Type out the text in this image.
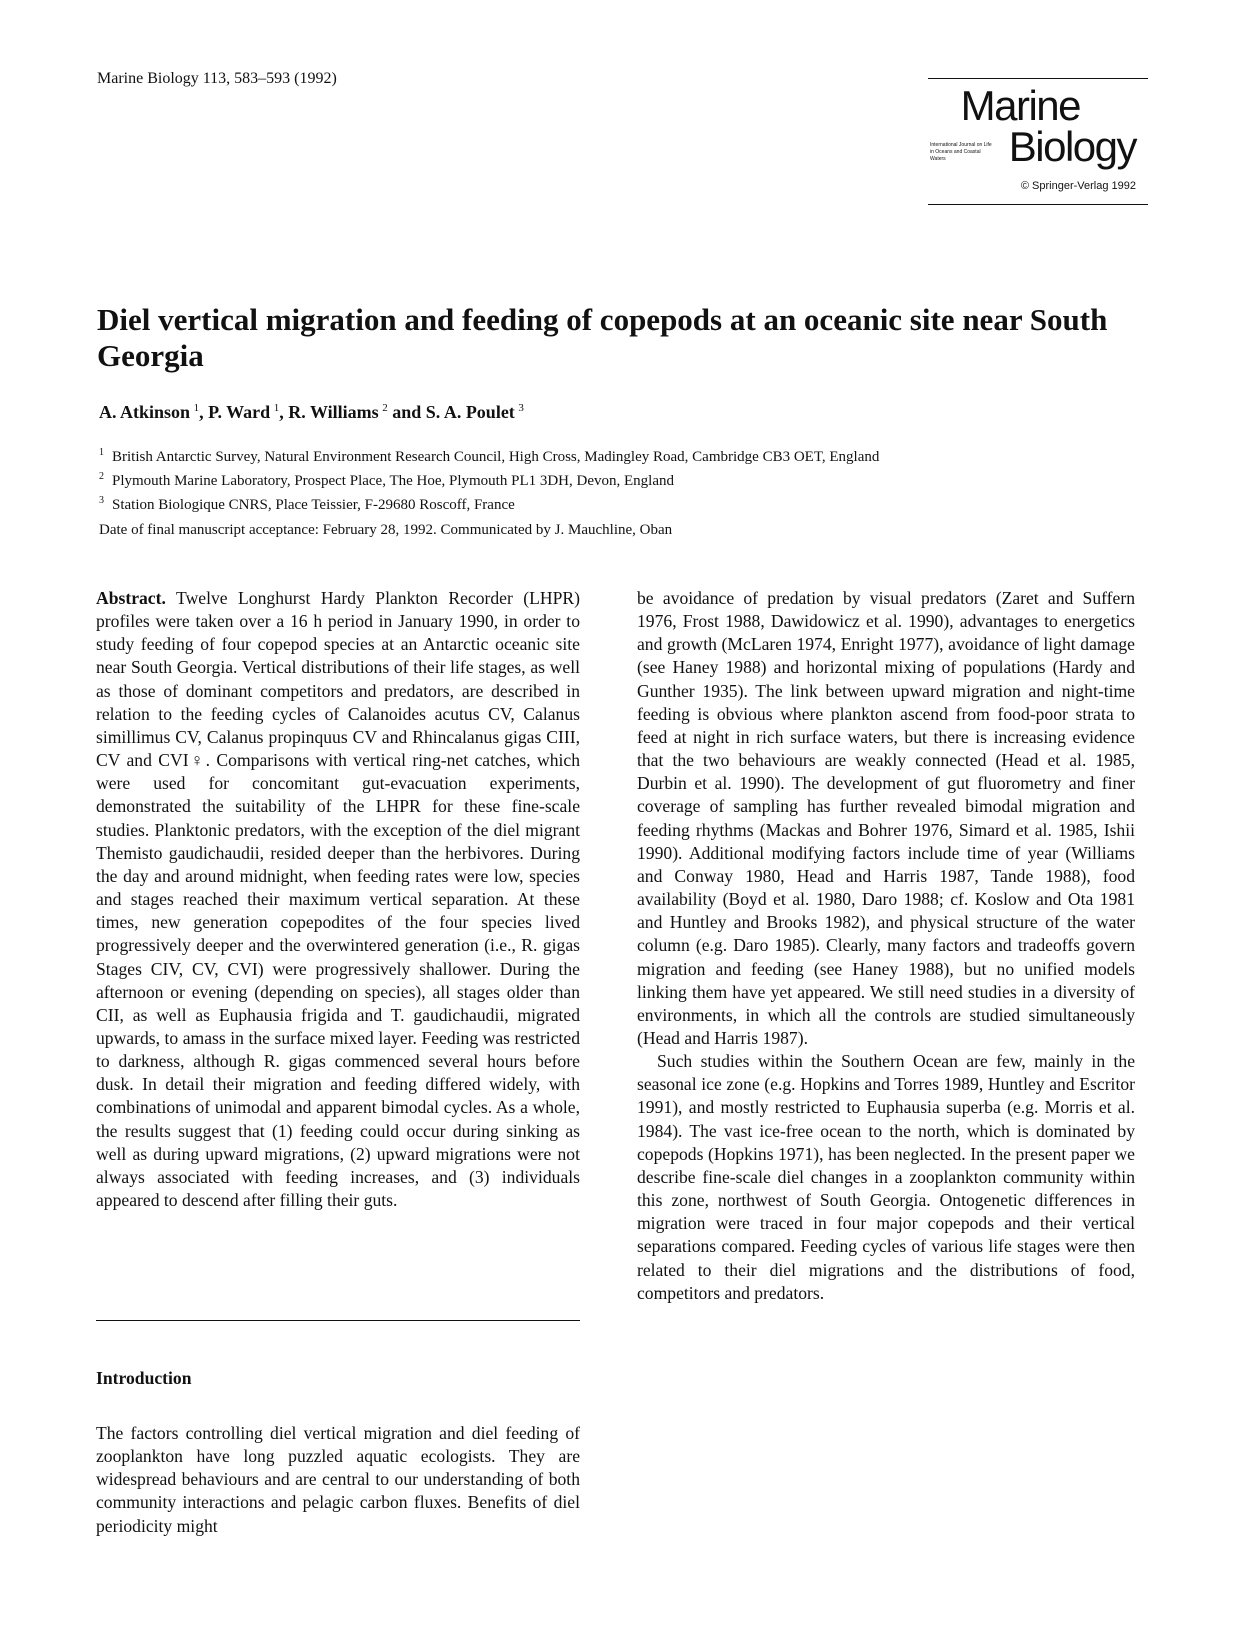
Marine Biology 113, 583–593 (1992)
Marine
International Journal on Life in Oceans and Coastal Waters	Biology
© Springer-Verlag 1992
Diel vertical migration and feeding of copepods at an oceanic site near South Georgia
A. Atkinson  $^1$, P. Ward  $^1$, R. Williams  $^2$ and S. A. Poulet  $^3$
$^1$ British Antarctic Survey, Natural Environment Research Council, High Cross, Madingley Road, Cambridge CB3 OET, England
$^2$ Plymouth Marine Laboratory, Prospect Place, The Hoe, Plymouth PL1 3DH, Devon, England
$^3$ Station Biologique CNRS, Place Teissier, F-29680 Roscoff, France
Date of final manuscript acceptance: February 28, 1992. Communicated by J. Mauchline, Oban

Abstract. Twelve Longhurst Hardy Plankton Recorder (LHPR) profiles were taken over a 16 h period in January 1990, in order to study feeding of four copepod species at an Antarctic oceanic site near South Georgia. Vertical distributions of their life stages, as well as those of dominant competitors and predators, are described in relation to the feeding cycles of Calanoides acutus CV, Calanus simillimus CV, Calanus propinquus CV and Rhincalanus gigas CIII, CV and CVI♀. Comparisons with vertical ring-net catches, which were used for concomitant gut-evacuation experiments, demonstrated the suitability of the LHPR for these fine-scale studies. Planktonic predators, with the exception of the diel migrant Themisto gaudichaudii, resided deeper than the herbivores. During the day and around midnight, when feeding rates were low, species and stages reached their maximum vertical separation. At these times, new generation copepodites of the four species lived progressively deeper and the overwintered generation (i.e., R. gigas Stages CIV, CV, CVI) were progressively shallower. During the afternoon or evening (depending on species), all stages older than CII, as well as Euphausia frigida and T. gaudichaudii, migrated upwards, to amass in the surface mixed layer. Feeding was restricted to darkness, although R. gigas commenced several hours before dusk. In detail their migration and feeding differed widely, with combinations of unimodal and apparent bimodal cycles. As a whole, the results suggest that (1) feeding could occur during sinking as well as during upward migrations, (2) upward migrations were not always associated with feeding increases, and (3) individuals appeared to descend after filling their guts.

Introduction

The factors controlling diel vertical migration and diel feeding of zooplankton have long puzzled aquatic ecologists. They are widespread behaviours and are central to our understanding of both community interactions and pelagic carbon fluxes. Benefits of diel periodicity might

be avoidance of predation by visual predators (Zaret and Suffern 1976, Frost 1988, Dawidowicz et al. 1990), advantages to energetics and growth (McLaren 1974, Enright 1977), avoidance of light damage (see Haney 1988) and horizontal mixing of populations (Hardy and Gunther 1935). The link between upward migration and night-time feeding is obvious where plankton ascend from food-poor strata to feed at night in rich surface waters, but there is increasing evidence that the two behaviours are weakly connected (Head et al. 1985, Durbin et al. 1990). The development of gut fluorometry and finer coverage of sampling has further revealed bimodal migration and feeding rhythms (Mackas and Bohrer 1976, Simard et al. 1985, Ishii 1990). Additional modifying factors include time of year (Williams and Conway 1980, Head and Harris 1987, Tande 1988), food availability (Boyd et al. 1980, Daro 1988; cf. Koslow and Ota 1981 and Huntley and Brooks 1982), and physical structure of the water column (e.g. Daro 1985). Clearly, many factors and tradeoffs govern migration and feeding (see Haney 1988), but no unified models linking them have yet appeared. We still need studies in a diversity of environments, in which all the controls are studied simultaneously (Head and Harris 1987).

Such studies within the Southern Ocean are few, mainly in the seasonal ice zone (e.g. Hopkins and Torres 1989, Huntley and Escritor 1991), and mostly restricted to Euphausia superba (e.g. Morris et al. 1984). The vast ice-free ocean to the north, which is dominated by copepods (Hopkins 1971), has been neglected. In the present paper we describe fine-scale diel changes in a zooplankton community within this zone, northwest of South Georgia. Ontogenetic differences in migration were traced in four major copepods and their vertical separations compared. Feeding cycles of various life stages were then related to their diel migrations and the distributions of food, competitors and predators.
